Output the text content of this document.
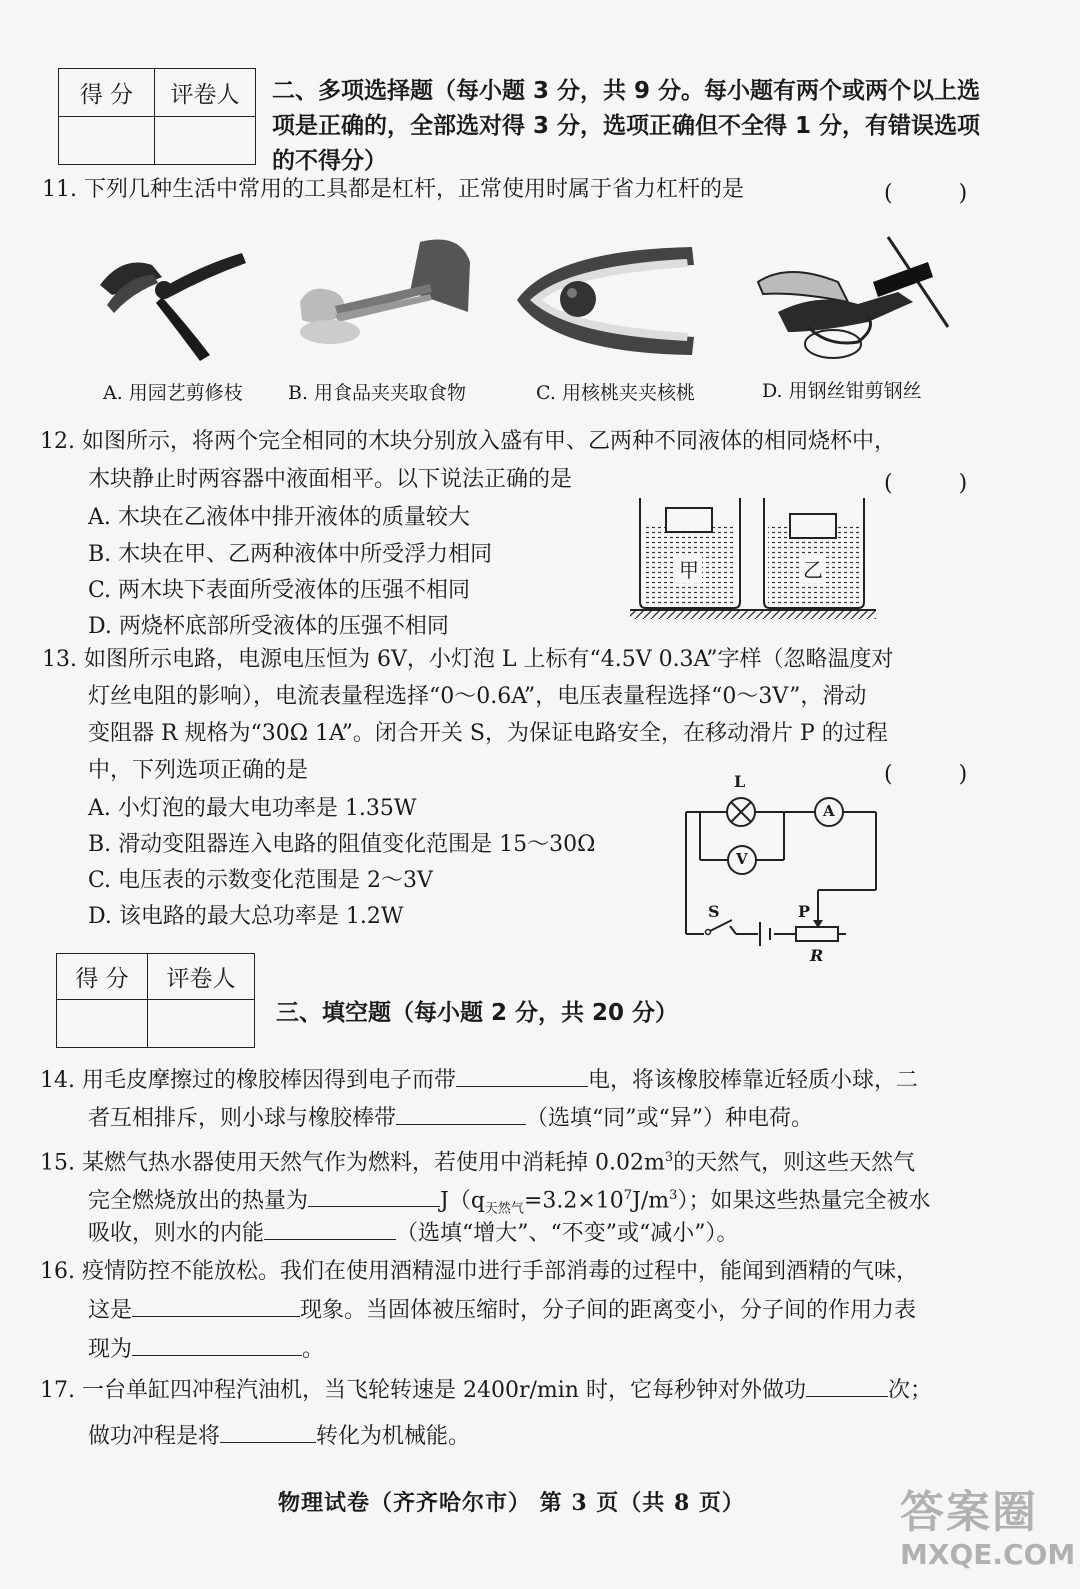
得 分	评卷人
	二、多项选择题（每小题 3 分，共 9 分。每小题有两个或两个以上选
项是正确的，全部选对得 3 分，选项正确但不全得 1 分，有错误选项
的不得分）
11. 下列几种生活中常用的工具都是杠杆，正常使用时属于省力杠杆的是	(　　　)
A. 用园艺剪修枝 B. 用食品夹夹取食物	C. 用核桃夹夹核桃	D. 用钢丝钳剪钢丝
12. 如图所示，将两个完全相同的木块分别放入盛有甲、乙两种不同液体的相同烧杯中，
木块静止时两容器中液面相平。以下说法正确的是	(　　　)
A. 木块在乙液体中排开液体的质量较大
B. 木块在甲、乙两种液体中所受浮力相同
C. 两木块下表面所受液体的压强不相同
D. 两烧杯底部所受液体的压强不相同
甲	乙
13. 如图所示电路，电源电压恒为 6V，小灯泡 L 上标有“4.5V 0.3A”字样（忽略温度对
灯丝电阻的影响），电流表量程选择“0～0.6A”，电压表量程选择“0～3V”，滑动
变阻器 R 规格为“30Ω 1A”。闭合开关 S，为保证电路安全，在移动滑片 P 的过程
中，下列选项正确的是	(　　　)
A. 小灯泡的最大电功率是 1.35W
B. 滑动变阻器连入电路的阻值变化范围是 15～30Ω
C. 电压表的示数变化范围是 2～3V
D. 该电路的最大总功率是 1.2W
L
A
V
S	P
R
得 分	评卷人

三、填空题（每小题 2 分，共 20 分）
14. 用毛皮摩擦过的橡胶棒因得到电子而带	电，将该橡胶棒靠近轻质小球，二
者互相排斥，则小球与橡胶棒带	（选填“同”或“异”）种电荷。
15. 某燃气热水器使用天然气作为燃料，若使用中消耗掉 $0.02m^3$的天然气，则这些天然气
完全燃烧放出的热量为	$J(q_{天然气}=3.2\times 10^7J/m^3)$；如果这些热量完全被水
吸收，则水的内能	（选填“增大”、“不变”或“减小”）。
16. 疫情防控不能放松。我们在使用酒精湿巾进行手部消毒的过程中，能闻到酒精的气味，
这是	现象。当固体被压缩时，分子间的距离变小，分子间的作用力表
现为	。
17. 一台单缸四冲程汽油机，当飞轮转速是 2400r/min 时，它每秒钟对外做功	次；
做功冲程是将	转化为机械能。
物理试卷（齐齐哈尔市） 第 3 页（共 8 页）	答案圈
MXQE.COM
